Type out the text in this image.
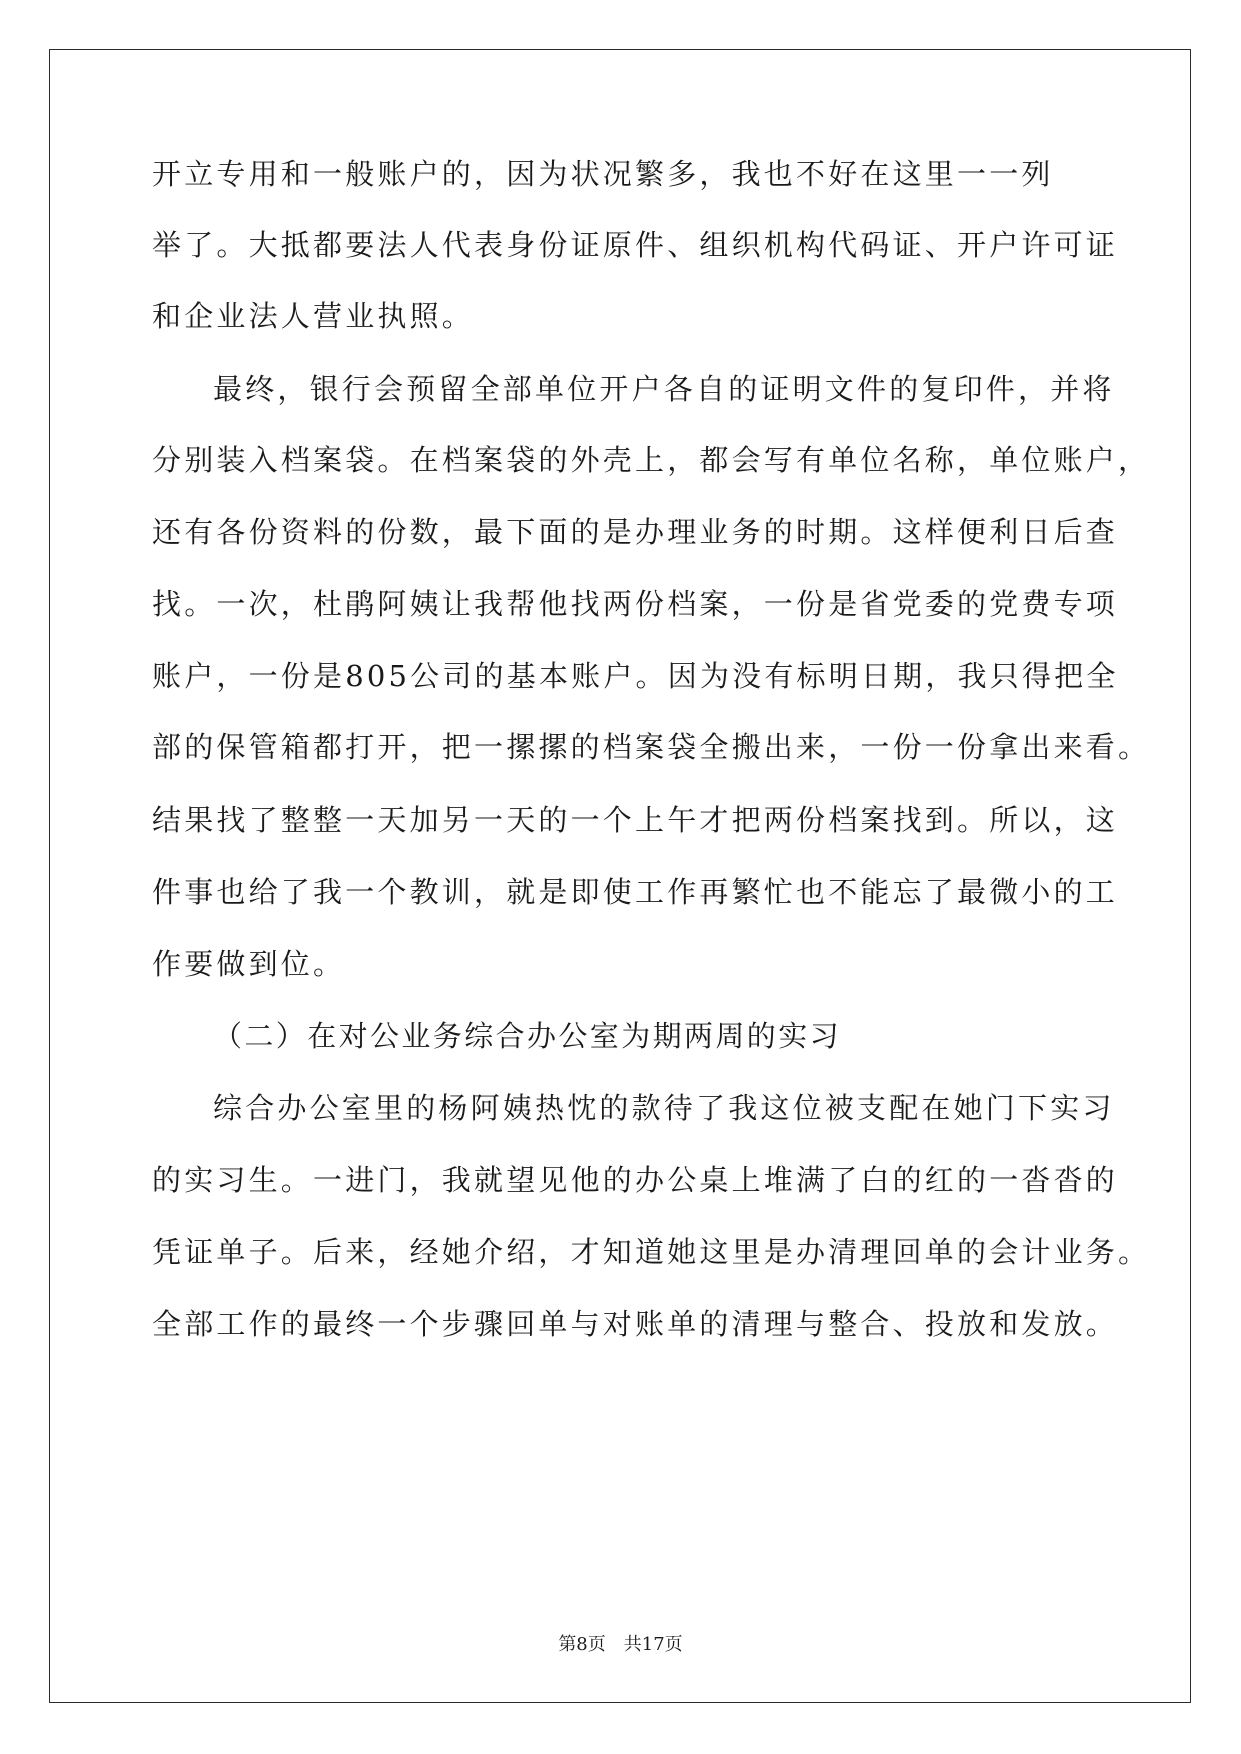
开立专用和一般账户的，因为状况繁多，我也不好在这里一一列
举了。大抵都要法人代表身份证原件、组织机构代码证、开户许可证
和企业法人营业执照。
最终，银行会预留全部单位开户各自的证明文件的复印件，并将
分别装入档案袋。在档案袋的外壳上，都会写有单位名称，单位账户，
还有各份资料的份数，最下面的是办理业务的时期。这样便利日后查
找。一次，杜鹃阿姨让我帮他找两份档案，一份是省党委的党费专项
账户，一份是805公司的基本账户。因为没有标明日期，我只得把全
部的保管箱都打开，把一摞摞的档案袋全搬出来，一份一份拿出来看。
结果找了整整一天加另一天的一个上午才把两份档案找到。所以，这
件事也给了我一个教训，就是即使工作再繁忙也不能忘了最微小的工
作要做到位。
（二）在对公业务综合办公室为期两周的实习
综合办公室里的杨阿姨热忱的款待了我这位被支配在她门下实习
的实习生。一进门，我就望见他的办公桌上堆满了白的红的一沓沓的
凭证单子。后来，经她介绍，才知道她这里是办清理回单的会计业务。
全部工作的最终一个步骤回单与对账单的清理与整合、投放和发放。
第8页 共17页
